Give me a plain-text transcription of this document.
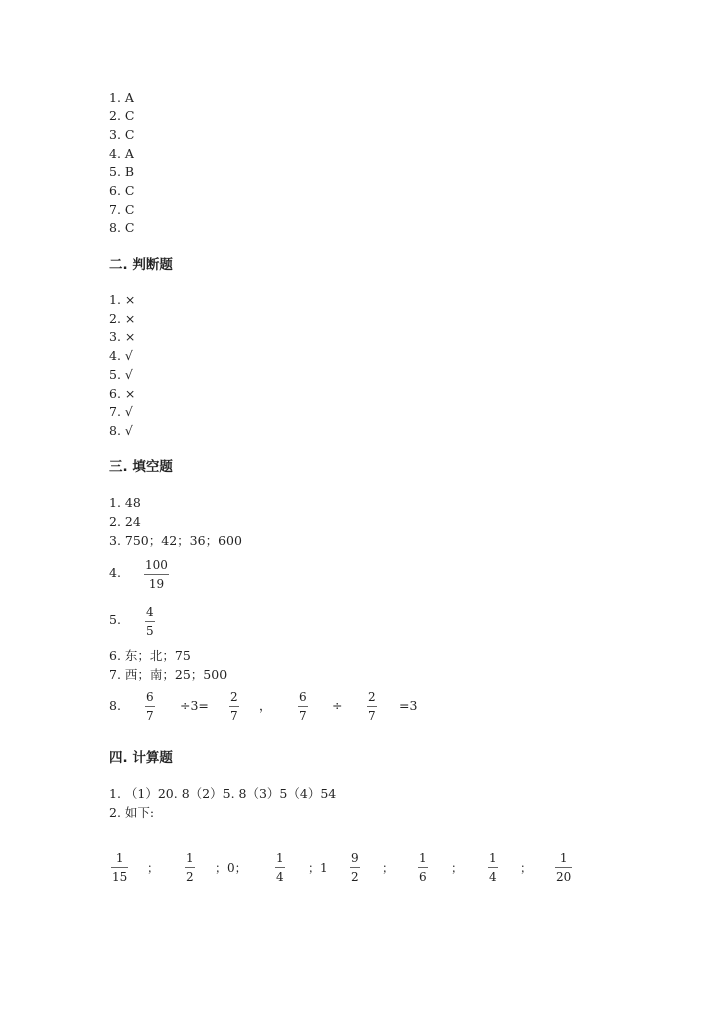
1. A
2. C
3. C
4. A
5. B
6. C
7. C
8. C
二. 判断题
1. ×
2. ×
3. ×
4. √
5. √
6. ×
7. √
8. √
三. 填空题
1. 48
2. 24
3. 750；42；36；600
4. 100
19
5. 4
5
6. 东；北；75
7. 西；南；25；500
8.
6
7
÷3=
2
7
，
6
7
÷
2
7
=3
四. 计算题
1. （1）20. 8（2）5. 8（3）5（4）54
2. 如下:
1
15
；
1
2
；0；
1
4
；1
9
2
；
1
6
；
1
4
；
1
20
